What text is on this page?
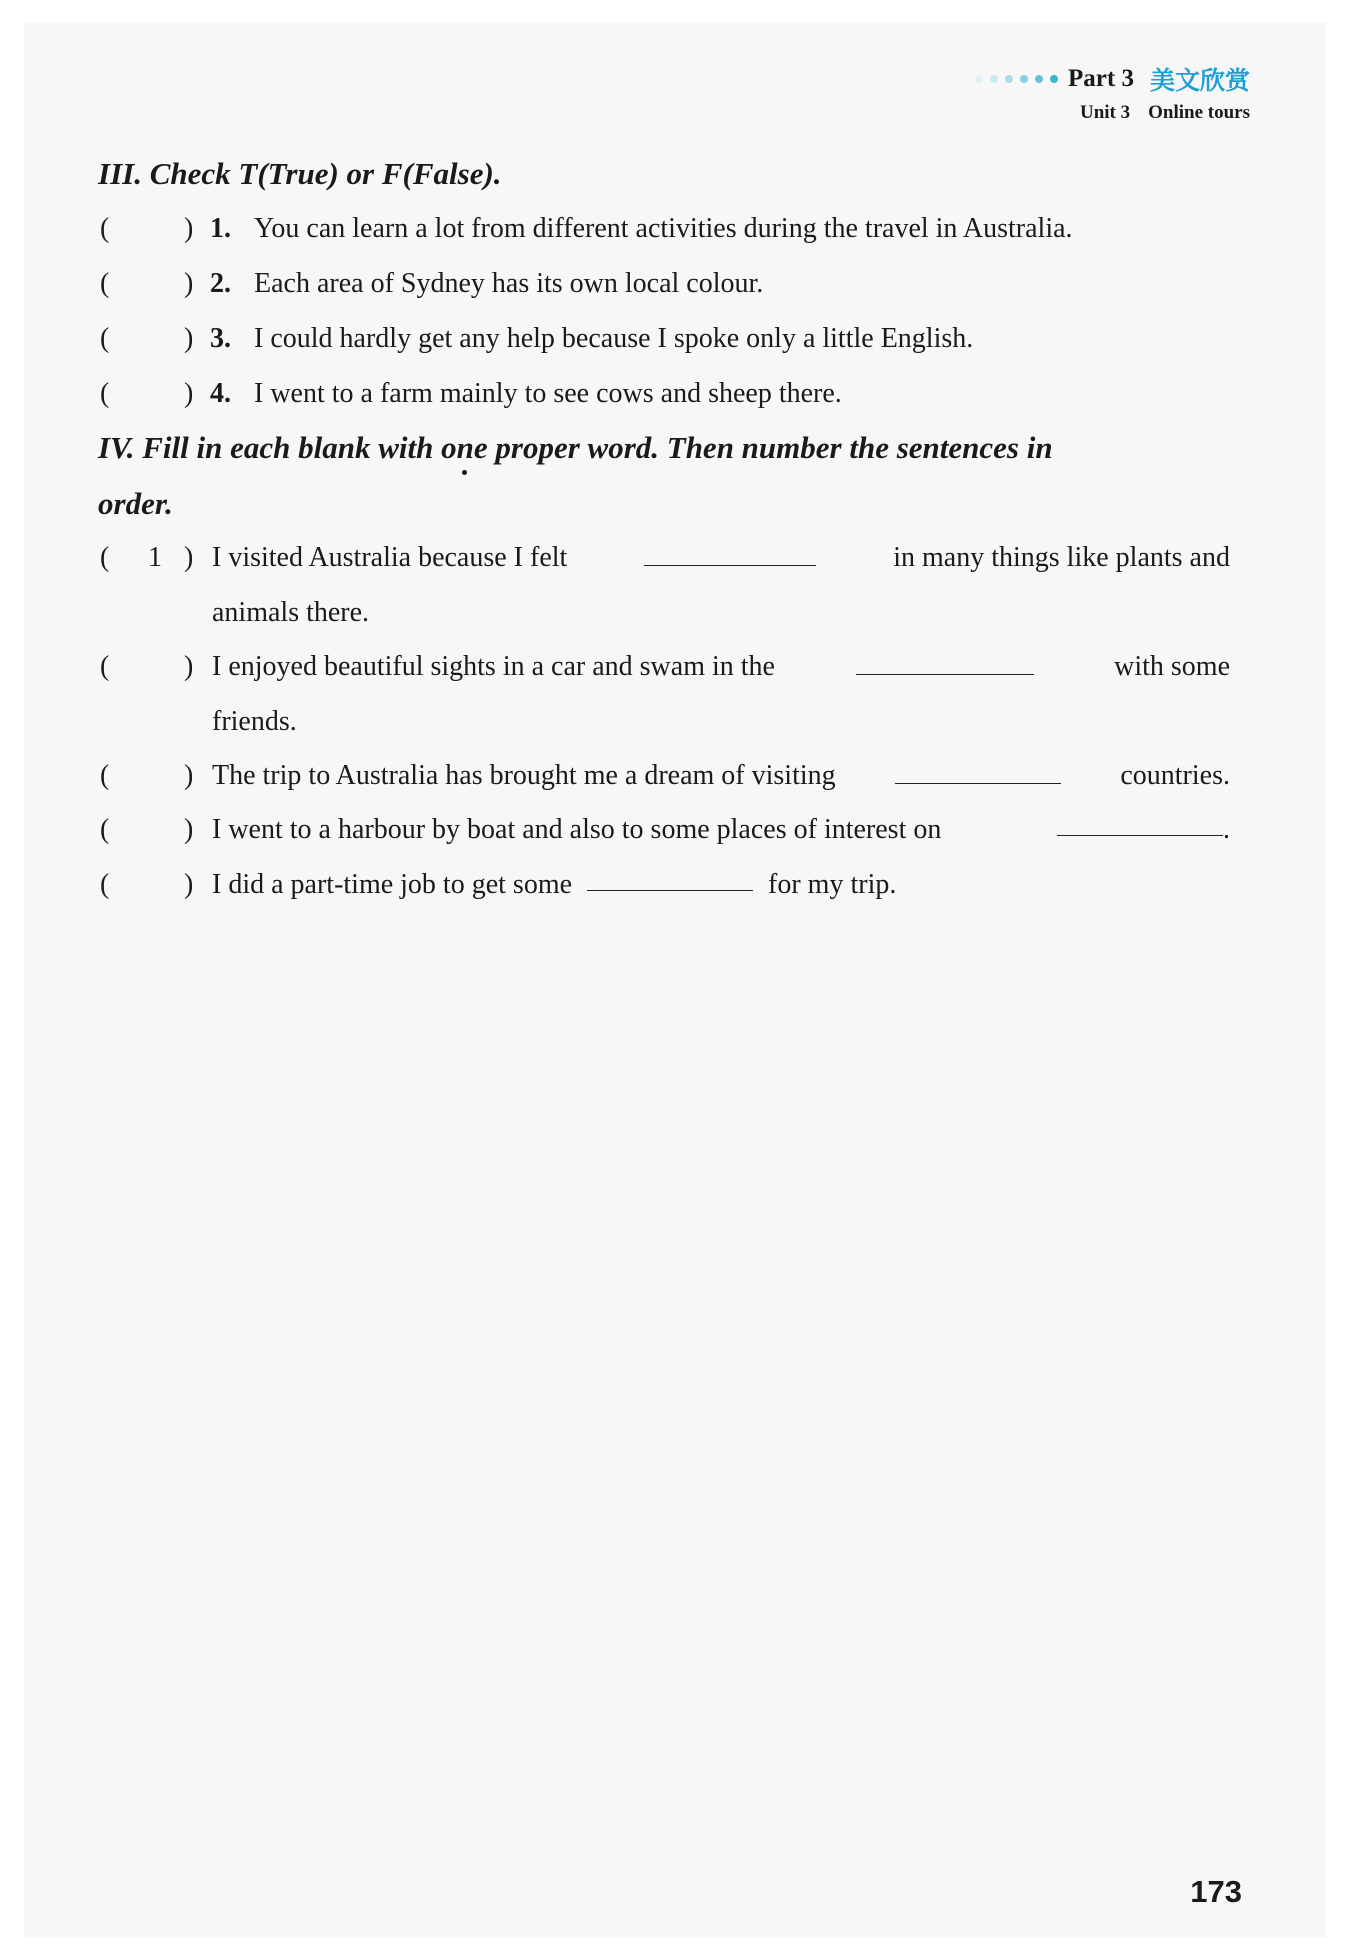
Part 3 美文欣赏
Unit 3 Online tours
III. Check T(True) or F(False).
(	) 1. You can learn a lot from different activities during the travel in Australia.
(	) 2. Each area of Sydney has its own local colour.
(	) 3. I could hardly get any help because I spoke only a little English.
(	) 4. I went to a farm mainly to see cows and sheep there.
IV. Fill in each blank with one proper word. Then number the sentences in
order.
( 1 ) I visited Australia because I felt	in many things like plants and
animals there.
(	) I enjoyed beautiful sights in a car and swam in the	with some
friends.
(	) The trip to Australia has brought me a dream of visiting	countries.
(	) I went to a harbour by boat and also to some places of interest on	.
(	) I did a part-time job to get some	for my trip.
173
